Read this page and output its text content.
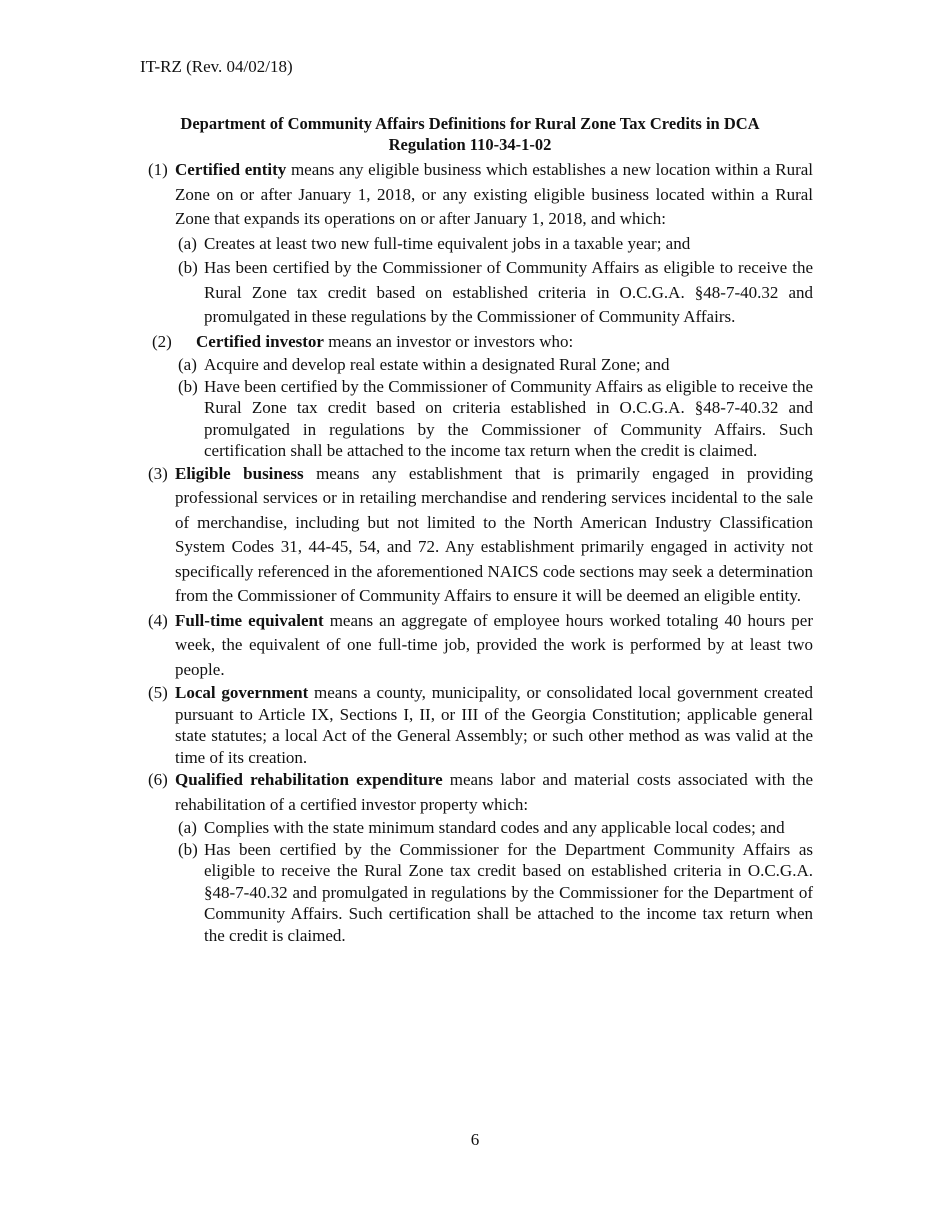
IT-RZ (Rev. 04/02/18)
Department of Community Affairs Definitions for Rural Zone Tax Credits in DCA
Regulation 110-34-1-02
(1) Certified entity means any eligible business which establishes a new location within a Rural Zone on or after January 1, 2018, or any existing eligible business located within a Rural Zone that expands its operations on or after January 1, 2018, and which:
(a) Creates at least two new full-time equivalent jobs in a taxable year; and
(b) Has been certified by the Commissioner of Community Affairs as eligible to receive the Rural Zone tax credit based on established criteria in O.C.G.A. §48-7-40.32 and promulgated in these regulations by the Commissioner of Community Affairs.
(2) Certified investor means an investor or investors who:
(a) Acquire and develop real estate within a designated Rural Zone; and
(b) Have been certified by the Commissioner of Community Affairs as eligible to receive the Rural Zone tax credit based on criteria established in O.C.G.A. §48-7-40.32 and promulgated in regulations by the Commissioner of Community Affairs. Such certification shall be attached to the income tax return when the credit is claimed.
(3) Eligible business means any establishment that is primarily engaged in providing professional services or in retailing merchandise and rendering services incidental to the sale of merchandise, including but not limited to the North American Industry Classification System Codes 31, 44-45, 54, and 72. Any establishment primarily engaged in activity not specifically referenced in the aforementioned NAICS code sections may seek a determination from the Commissioner of Community Affairs to ensure it will be deemed an eligible entity.
(4) Full-time equivalent means an aggregate of employee hours worked totaling 40 hours per week, the equivalent of one full-time job, provided the work is performed by at least two people.
(5) Local government means a county, municipality, or consolidated local government created pursuant to Article IX, Sections I, II, or III of the Georgia Constitution; applicable general state statutes; a local Act of the General Assembly; or such other method as was valid at the time of its creation.
(6) Qualified rehabilitation expenditure means labor and material costs associated with the rehabilitation of a certified investor property which:
(a) Complies with the state minimum standard codes and any applicable local codes; and
(b) Has been certified by the Commissioner for the Department Community Affairs as eligible to receive the Rural Zone tax credit based on established criteria in O.C.G.A. §48-7-40.32 and promulgated in regulations by the Commissioner for the Department of Community Affairs. Such certification shall be attached to the income tax return when the credit is claimed.
6
